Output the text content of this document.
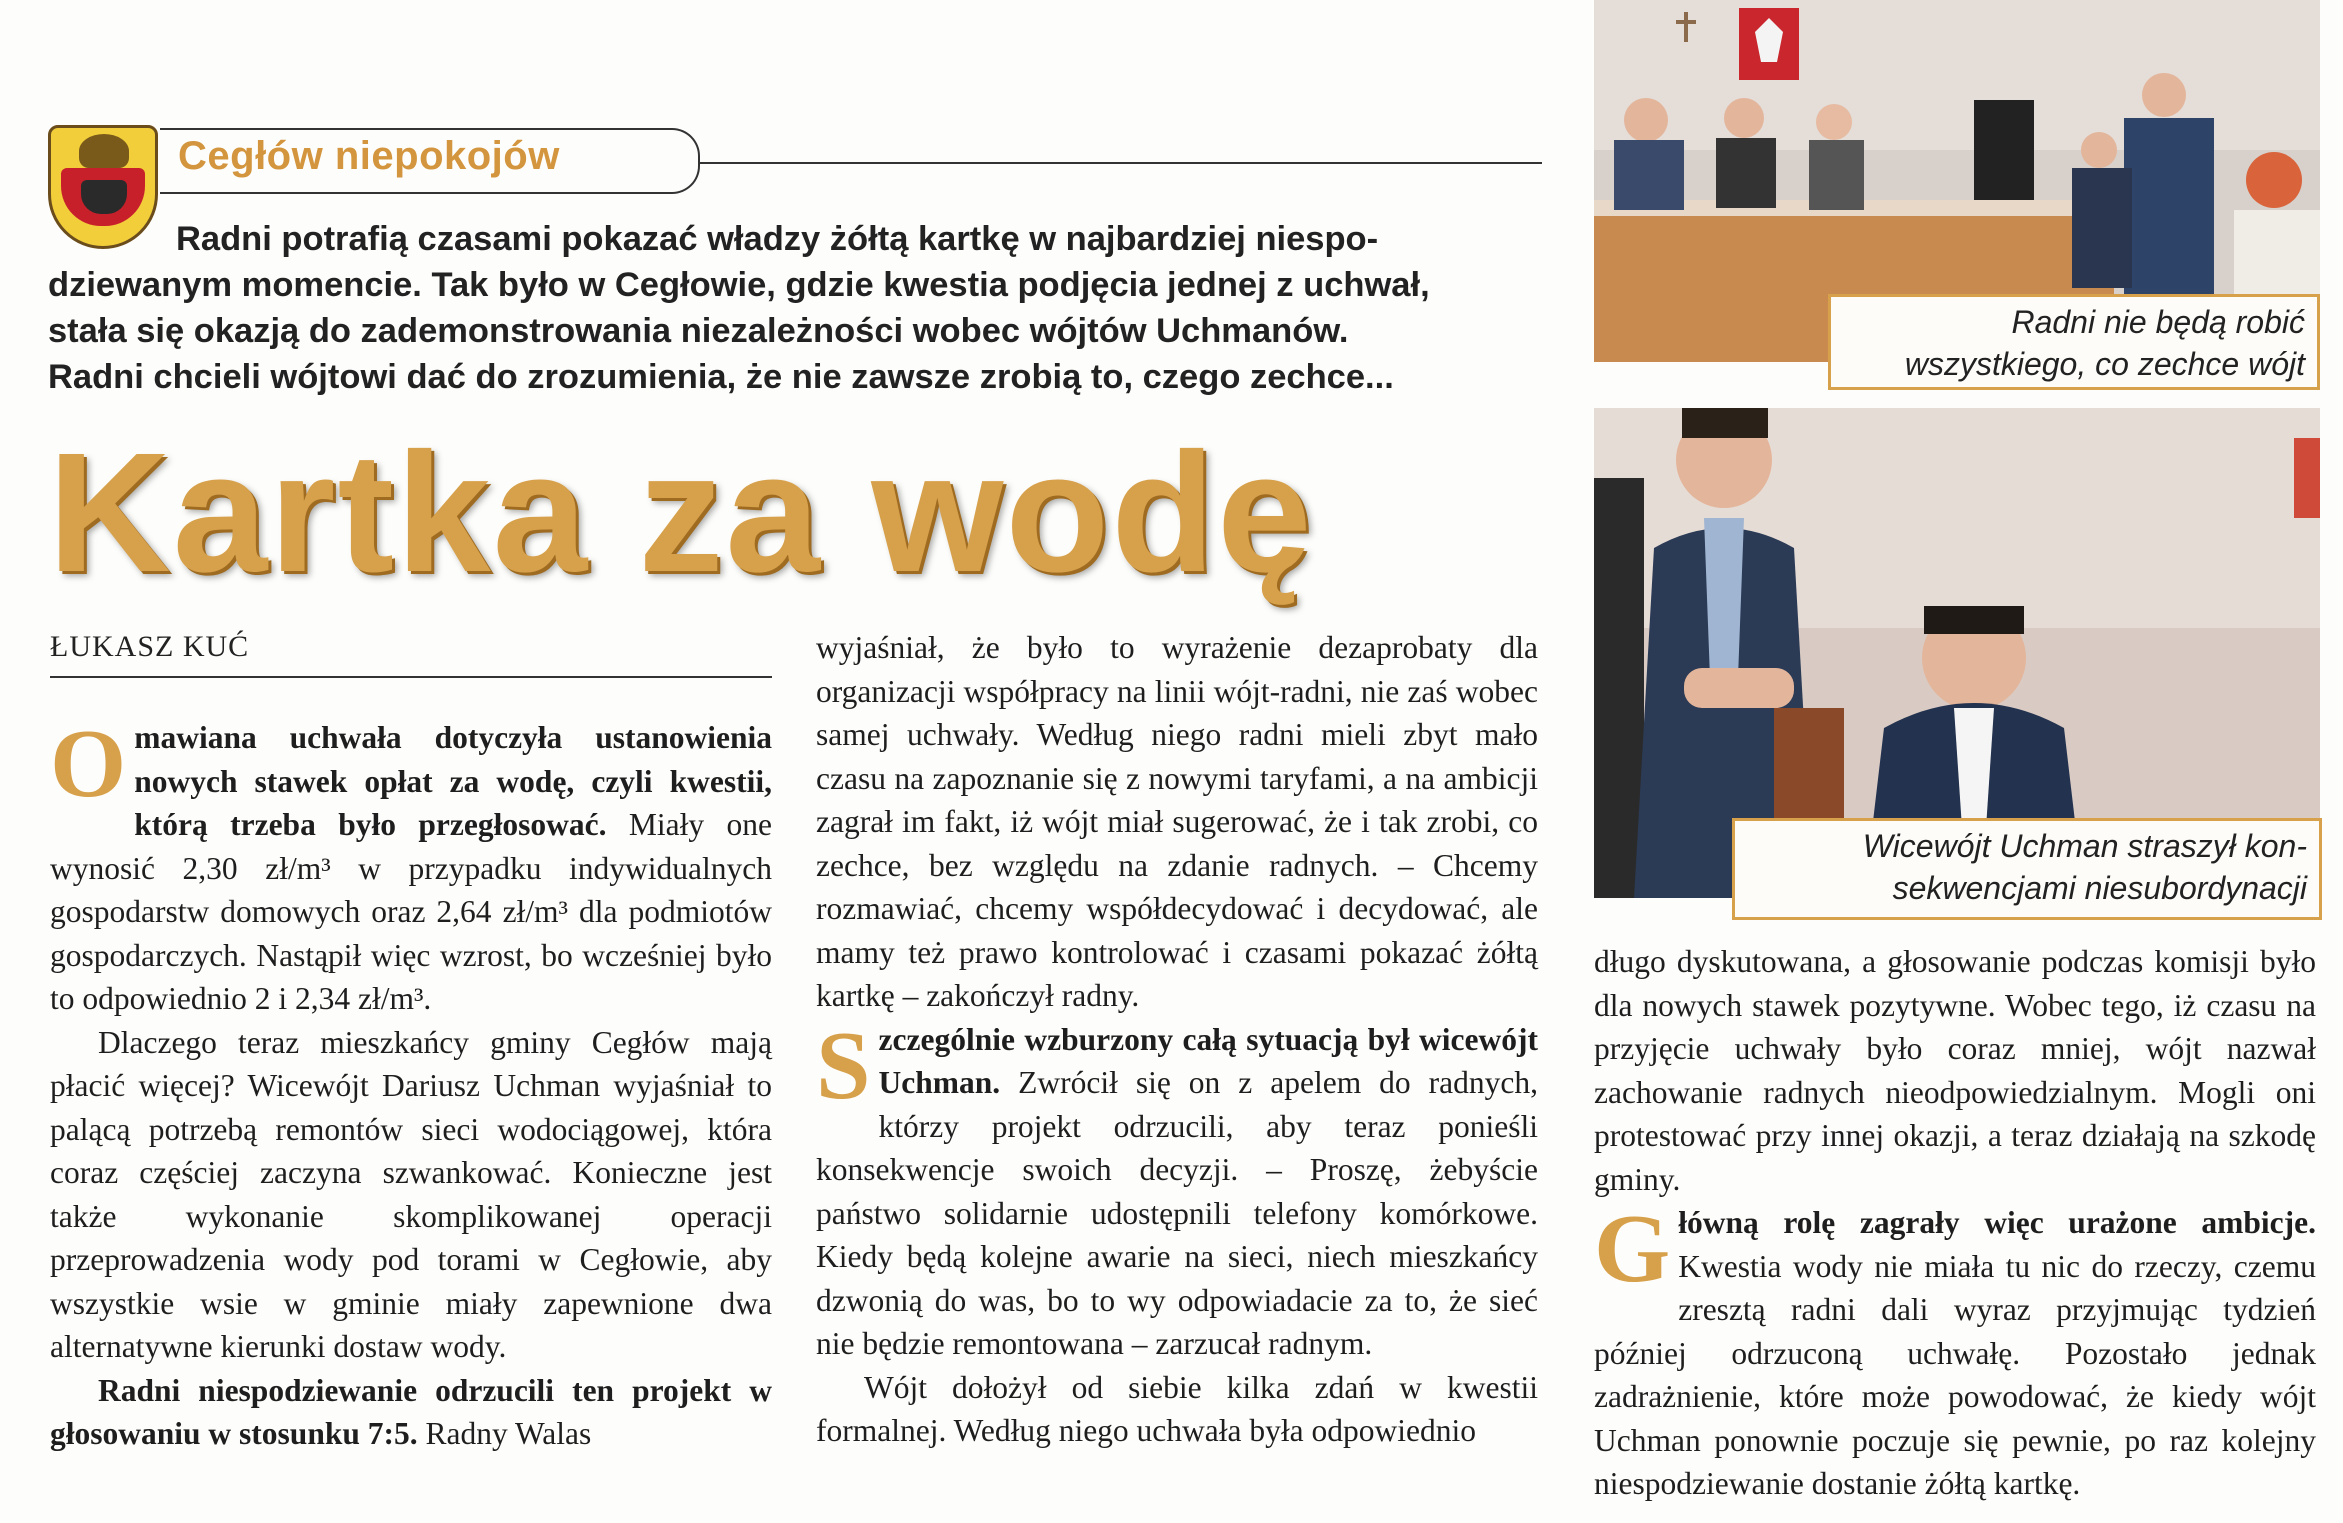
Cegłów niepokojów
Radni potrafią czasami pokazać władzy żółtą kartkę w najbardziej niespo-
dziewanym momencie. Tak było w Cegłowie, gdzie kwestia podjęcia jednej z uchwał,
stała się okazją do zademonstrowania niezależności wobec wójtów Uchmanów.
Radni chcieli wójtowi dać do zrozumienia, że nie zawsze zrobią to, czego zechce...
Kartka za wodę
ŁUKASZ KUĆ

Omawiana uchwała dotyczyła ustanowienia nowych stawek opłat za wodę, czyli kwestii, którą trzeba było przegłosować. Miały one wynosić 2,30 zł/m³ w przypadku indywidualnych gospodarstw domowych oraz 2,64 zł/m³ dla podmiotów gospodarczych. Nastąpił więc wzrost, bo wcześniej było to odpowiednio 2 i 2,34 zł/m³.

Dlaczego teraz mieszkańcy gminy Cegłów mają płacić więcej? Wicewójt Dariusz Uchman wyjaśniał to palącą potrzebą remontów sieci wodociągowej, która coraz częściej zaczyna szwankować. Konieczne jest także wykonanie skomplikowanej operacji przeprowadzenia wody pod torami w Cegłowie, aby wszystkie wsie w gminie miały zapewnione dwa alternatywne kierunki dostaw wody.

Radni niespodziewanie odrzucili ten projekt w głosowaniu w stosunku 7:5. Radny Walas

wyjaśniał, że było to wyrażenie dezaprobaty dla organizacji współpracy na linii wójt-radni, nie zaś wobec samej uchwały. Według niego radni mieli zbyt mało czasu na zapoznanie się z nowymi taryfami, a na ambicji zagrał im fakt, iż wójt miał sugerować, że i tak zrobi, co zechce, bez względu na zdanie radnych. – Chcemy rozmawiać, chcemy współdecydować i decydować, ale mamy też prawo kontrolować i czasami pokazać żółtą kartkę – zakończył radny.

Szczególnie wzburzony całą sytuacją był wicewójt Uchman. Zwrócił się on z apelem do radnych, którzy projekt odrzucili, aby teraz ponieśli konsekwencje swoich decyzji. – Proszę, żebyście państwo solidarnie udostępnili telefony komórkowe. Kiedy będą kolejne awarie na sieci, niech mieszkańcy dzwonią do was, bo to wy odpowiadacie za to, że sieć nie będzie remontowana – zarzucał radnym.

Wójt dołożył od siebie kilka zdań w kwestii formalnej. Według niego uchwała była odpowiednio

Radni nie będą robić
wszystkiego, co zechce wójt
Wicewójt Uchman straszył kon-
sekwencjami niesubordynacji

długo dyskutowana, a głosowanie podczas komisji było dla nowych stawek pozytywne. Wobec tego, iż czasu na przyjęcie uchwały było coraz mniej, wójt nazwał zachowanie radnych nieodpowiedzialnym. Mogli oni protestować przy innej okazji, a teraz działają na szkodę gminy.

Główną rolę zagrały więc urażone ambicje. Kwestia wody nie miała tu nic do rzeczy, czemu zresztą radni dali wyraz przyjmując tydzień później odrzuconą uchwałę. Pozostało jednak zadrażnienie, które może powodować, że kiedy wójt Uchman ponownie poczuje się pewnie, po raz kolejny niespodziewanie dostanie żółtą kartkę.
